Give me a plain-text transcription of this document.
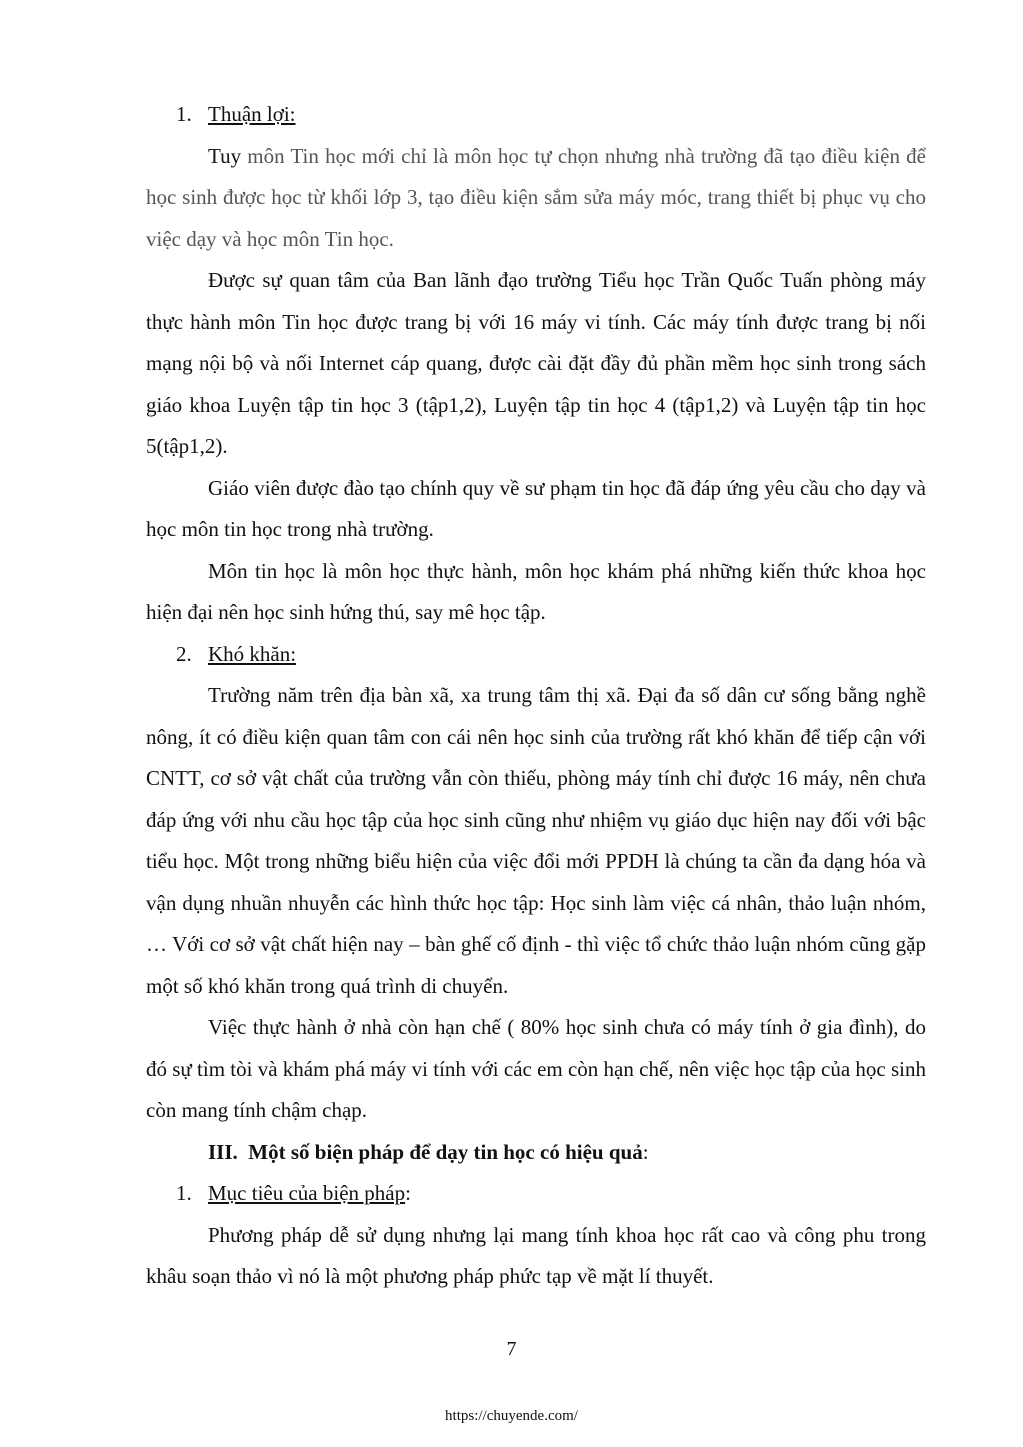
1. Thuận lợi:

Tuy môn Tin học mới chỉ là môn học tự chọn nhưng nhà trường đã tạo điều kiện để học sinh được học từ khối lớp 3, tạo điều kiện sắm sửa máy móc, trang thiết bị phục vụ cho việc dạy và học môn Tin học.

Được sự quan tâm của Ban lãnh đạo trường Tiểu học Trần Quốc Tuấn phòng máy thực hành môn Tin học được trang bị với 16 máy vi tính. Các máy tính được trang bị nối mạng nội bộ và nối Internet cáp quang, được cài đặt đầy đủ phần mềm học sinh trong sách giáo khoa Luyện tập tin học 3 (tập1,2), Luyện tập tin học 4 (tập1,2) và Luyện tập tin học 5(tập1,2).

Giáo viên được đào tạo chính quy về sư phạm tin học đã đáp ứng yêu cầu cho dạy và học môn tin học trong nhà trường.

Môn tin học là môn học thực hành, môn học khám phá những kiến thức khoa học hiện đại nên học sinh hứng thú, say mê học tập.

2. Khó khăn:

Trường năm trên địa bàn xã, xa trung tâm thị xã. Đại đa số dân cư sống bằng nghề nông, ít có điều kiện quan tâm con cái nên học sinh của trường rất khó khăn để tiếp cận với CNTT, cơ sở vật chất của trường vẫn còn thiếu, phòng máy tính chỉ được 16 máy, nên chưa đáp ứng với nhu cầu học tập của học sinh cũng như nhiệm vụ giáo dục hiện nay đối với bậc tiểu học. Một trong những biểu hiện của việc đổi mới PPDH là chúng ta cần đa dạng hóa và vận dụng nhuần nhuyễn các hình thức học tập: Học sinh làm việc cá nhân, thảo luận nhóm, … Với cơ sở vật chất hiện nay – bàn ghế cố định - thì việc tổ chức thảo luận nhóm cũng gặp một số khó khăn trong quá trình di chuyển.

Việc thực hành ở nhà còn hạn chế ( 80% học sinh chưa có máy tính ở gia đình), do đó sự tìm tòi và khám phá máy vi tính với các em còn hạn chế, nên việc học tập của học sinh còn mang tính chậm chạp.

III. Một số biện pháp để dạy tin học có hiệu quả:

1. Mục tiêu của biện pháp:

Phương pháp dễ sử dụng nhưng lại mang tính khoa học rất cao và công phu trong khâu soạn thảo vì nó là một phương pháp phức tạp về mặt lí thuyết.

7
https://chuyende.com/
